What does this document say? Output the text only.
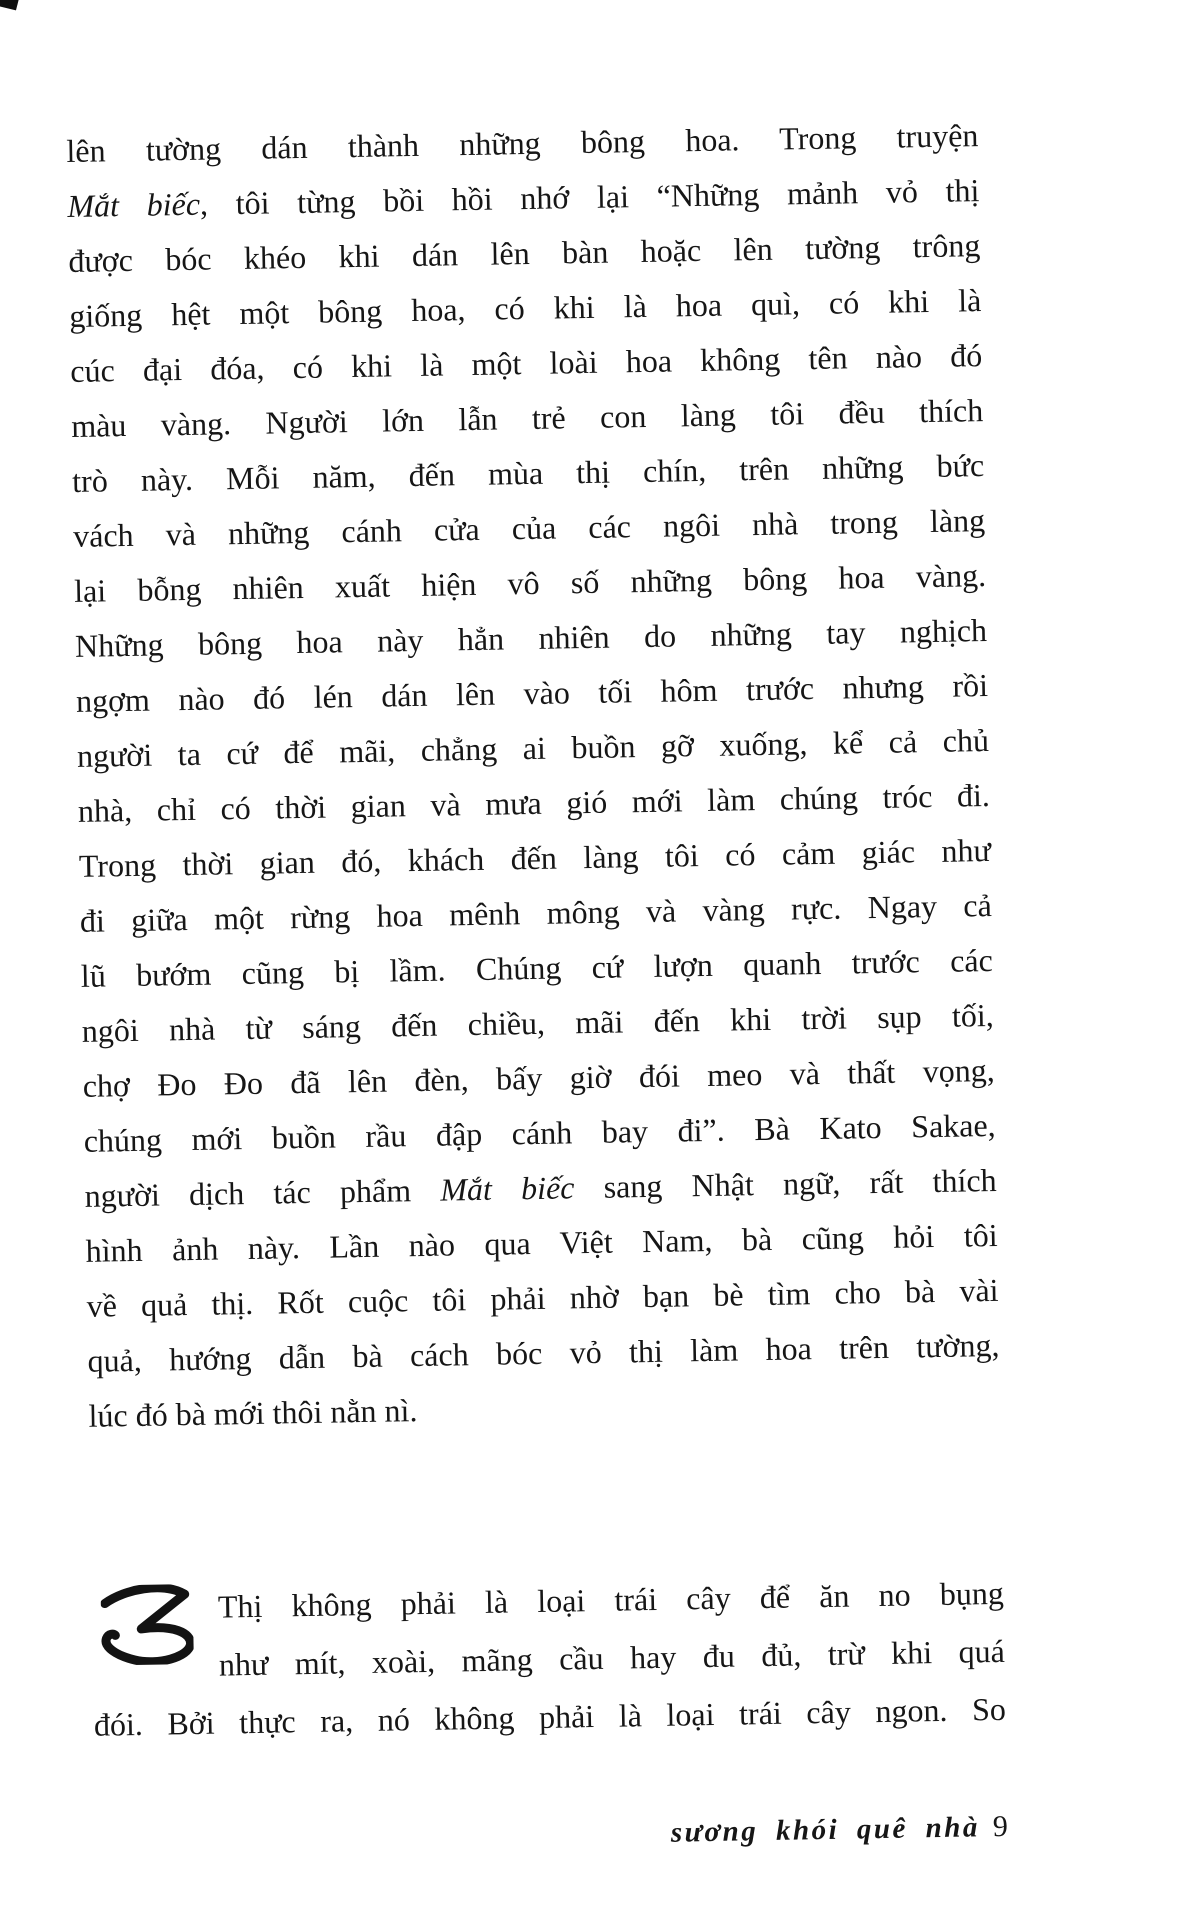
lên tường dán thành những bông hoa. Trong truyện
Mắt biếc, tôi từng bồi hồi nhớ lại “Những mảnh vỏ thị
được bóc khéo khi dán lên bàn hoặc lên tường trông
giống hệt một bông hoa, có khi là hoa quì, có khi là
cúc đại đóa, có khi là một loài hoa không tên nào đó
màu vàng. Người lớn lẫn trẻ con làng tôi đều thích
trò này. Mỗi năm, đến mùa thị chín, trên những bức
vách và những cánh cửa của các ngôi nhà trong làng
lại bỗng nhiên xuất hiện vô số những bông hoa vàng.
Những bông hoa này hẳn nhiên do những tay nghịch
ngợm nào đó lén dán lên vào tối hôm trước nhưng rồi
người ta cứ để mãi, chẳng ai buồn gỡ xuống, kể cả chủ
nhà, chỉ có thời gian và mưa gió mới làm chúng tróc đi.
Trong thời gian đó, khách đến làng tôi có cảm giác như
đi giữa một rừng hoa mênh mông và vàng rực. Ngay cả
lũ bướm cũng bị lầm. Chúng cứ lượn quanh trước các
ngôi nhà từ sáng đến chiều, mãi đến khi trời sụp tối,
chợ Đo Đo đã lên đèn, bấy giờ đói meo và thất vọng,
chúng mới buồn rầu đập cánh bay đi”. Bà Kato Sakae,
người dịch tác phẩm Mắt biếc sang Nhật ngữ, rất thích
hình ảnh này. Lần nào qua Việt Nam, bà cũng hỏi tôi
về quả thị. Rốt cuộc tôi phải nhờ bạn bè tìm cho bà vài
quả, hướng dẫn bà cách bóc vỏ thị làm hoa trên tường,
lúc đó bà mới thôi nằn nì.
Thị không phải là loại trái cây để ăn no bụng
như mít, xoài, mãng cầu hay đu đủ, trừ khi quá
đói. Bởi thực ra, nó không phải là loại trái cây ngon. So
sương khói quê nhà 9
